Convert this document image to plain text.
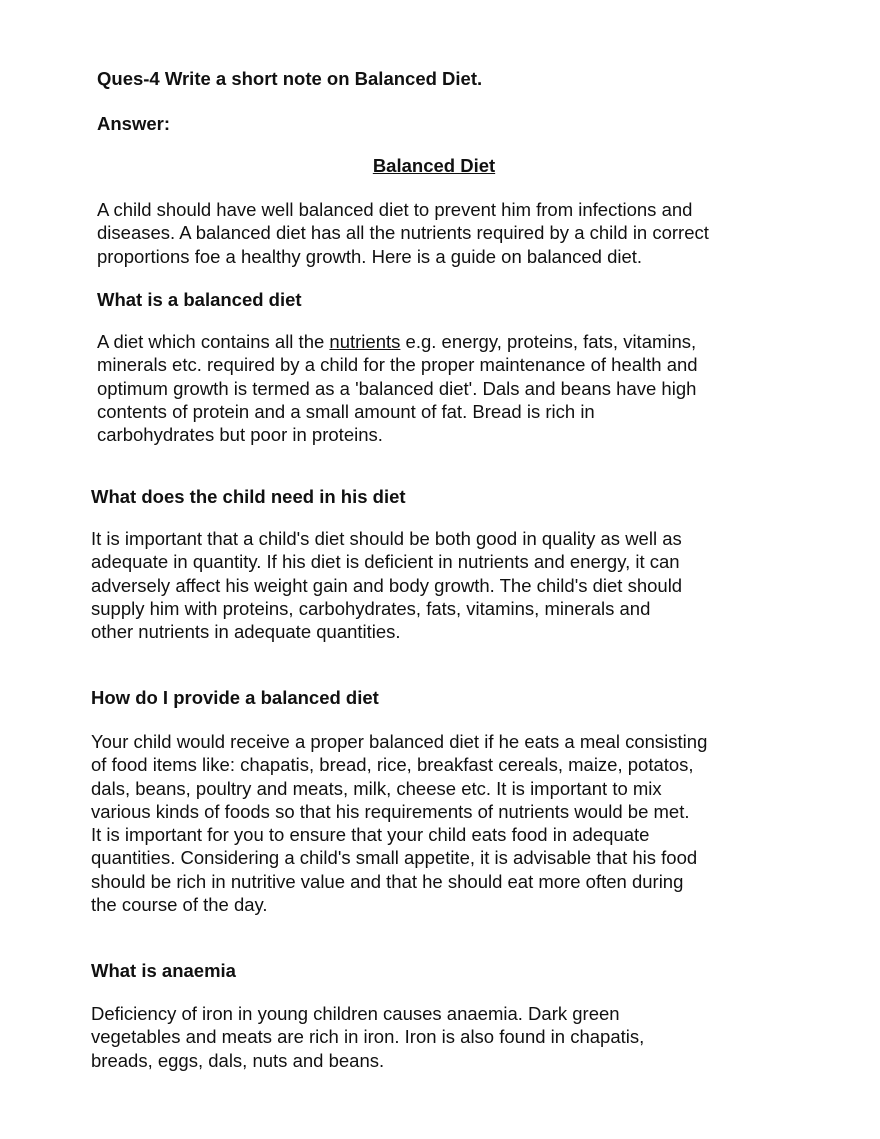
Ques-4 Write a short note on Balanced Diet.
Answer:
Balanced Diet
A child should have well balanced diet to prevent him from infections and
diseases. A balanced diet has all the nutrients required by a child in correct
proportions foe a healthy growth. Here is a guide on balanced diet.
What is a balanced diet
A diet which contains all the nutrients e.g. energy, proteins, fats, vitamins,
minerals etc. required by a child for the proper maintenance of health and
optimum growth is termed as a 'balanced diet'. Dals and beans have high
contents of protein and a small amount of fat. Bread is rich in
carbohydrates but poor in proteins.
What does the child need in his diet
It is important that a child's diet should be both good in quality as well as
adequate in quantity. If his diet is deficient in nutrients and energy, it can
adversely affect his weight gain and body growth. The child's diet should
supply him with proteins, carbohydrates, fats, vitamins, minerals and
other nutrients in adequate quantities.
How do I provide a balanced diet
Your child would receive a proper balanced diet if he eats a meal consisting
of food items like: chapatis, bread, rice, breakfast cereals, maize, potatos,
dals, beans, poultry and meats, milk, cheese etc. It is important to mix
various kinds of foods so that his requirements of nutrients would be met.
It is important for you to ensure that your child eats food in adequate
quantities. Considering a child's small appetite, it is advisable that his food
should be rich in nutritive value and that he should eat more often during
the course of the day.
What is anaemia
Deficiency of iron in young children causes anaemia. Dark green
vegetables and meats are rich in iron. Iron is also found in chapatis,
breads, eggs, dals, nuts and beans.
